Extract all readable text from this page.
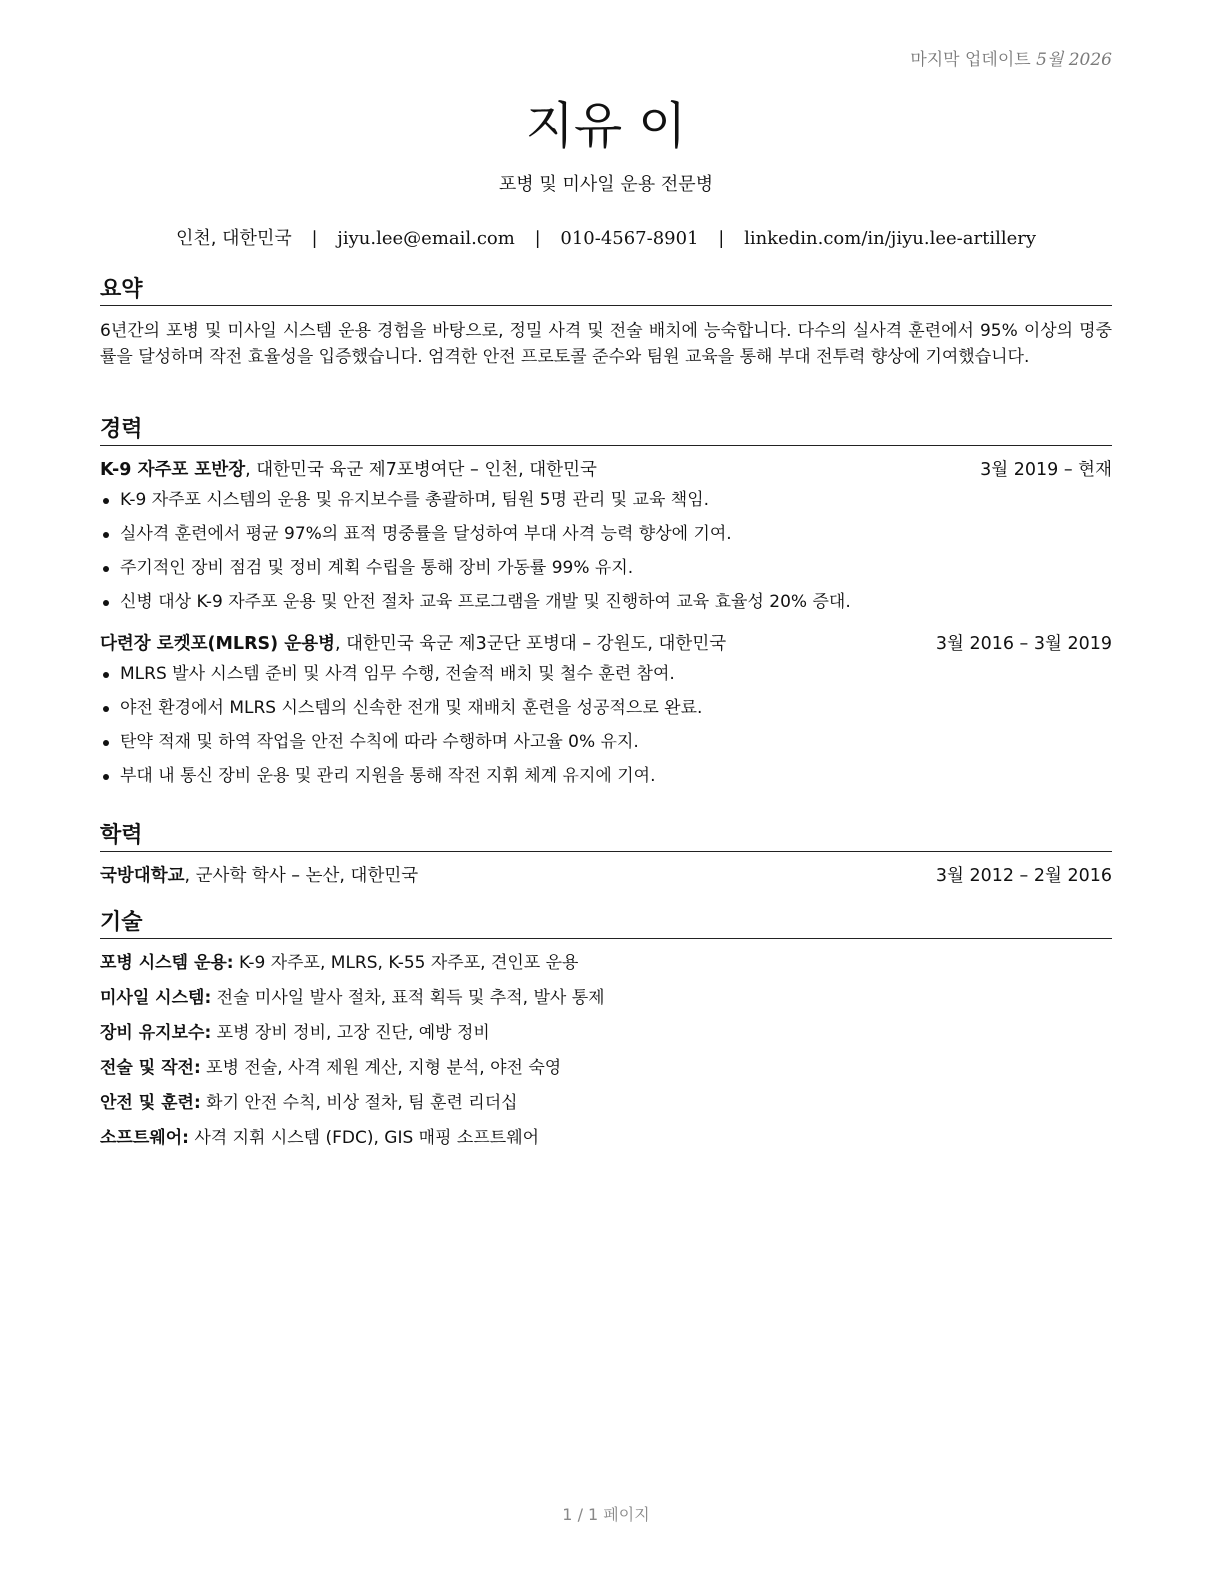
마지막 업데이트 5월 2026
지유 이
포병 및 미사일 운용 전문병
인천, 대한민국 | jiyu.lee@email.com | 010-4567-8901 | linkedin.com/in/jiyu.lee-artillery
요약

6년간의 포병 및 미사일 시스템 운용 경험을 바탕으로, 정밀 사격 및 전술 배치에 능숙합니다. 다수의 실사격 훈련에서 95% 이상의 명중률을 달성하며 작전 효율성을 입증했습니다. 엄격한 안전 프로토콜 준수와 팀원 교육을 통해 부대 전투력 향상에 기여했습니다.

경력
K-9 자주포 포반장, 대한민국 육군 제7포병여단 – 인천, 대한민국	3월 2019 – 현재
K-9 자주포 시스템의 운용 및 유지보수를 총괄하며, 팀원 5명 관리 및 교육 책임.
실사격 훈련에서 평균 97%의 표적 명중률을 달성하여 부대 사격 능력 향상에 기여.
주기적인 장비 점검 및 정비 계획 수립을 통해 장비 가동률 99% 유지.
신병 대상 K-9 자주포 운용 및 안전 절차 교육 프로그램을 개발 및 진행하여 교육 효율성 20% 증대.
다련장 로켓포(MLRS) 운용병, 대한민국 육군 제3군단 포병대 – 강원도, 대한민국	3월 2016 – 3월 2019
MLRS 발사 시스템 준비 및 사격 임무 수행, 전술적 배치 및 철수 훈련 참여.
야전 환경에서 MLRS 시스템의 신속한 전개 및 재배치 훈련을 성공적으로 완료.
탄약 적재 및 하역 작업을 안전 수칙에 따라 수행하며 사고율 0% 유지.
부대 내 통신 장비 운용 및 관리 지원을 통해 작전 지휘 체계 유지에 기여.
학력
국방대학교, 군사학 학사 – 논산, 대한민국	3월 2012 – 2월 2016
기술
포병 시스템 운용: K-9 자주포, MLRS, K-55 자주포, 견인포 운용
미사일 시스템: 전술 미사일 발사 절차, 표적 획득 및 추적, 발사 통제
장비 유지보수: 포병 장비 정비, 고장 진단, 예방 정비
전술 및 작전: 포병 전술, 사격 제원 계산, 지형 분석, 야전 숙영
안전 및 훈련: 화기 안전 수칙, 비상 절차, 팀 훈련 리더십
소프트웨어: 사격 지휘 시스템 (FDC), GIS 매핑 소프트웨어
1 / 1 페이지
